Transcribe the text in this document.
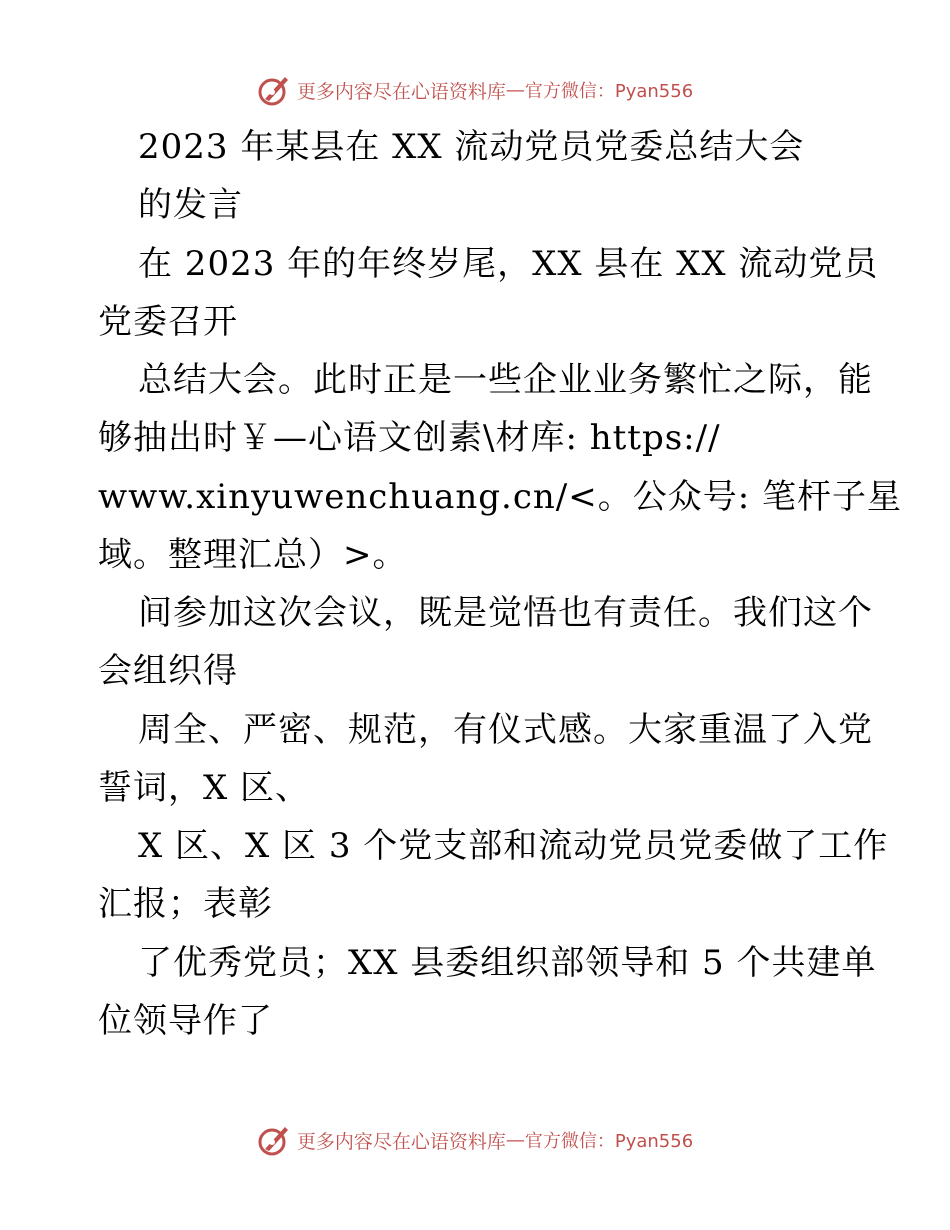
更多内容尽在心语资料库 — 官方微信：Pyan556
2023 年某县在 XX 流动党员党委总结大会
的发言
在 2023 年的年终岁尾，XX 县在 XX 流动党员
党委召开
总结大会。此时正是一些企业业务繁忙之际，能
够抽出时￥—心语文创素\材库: https://
www.xinyuwenchuang.cn/<。公众号: 笔杆子星
域。整理汇总）>。
间参加这次会议，既是觉悟也有责任。我们这个
会组织得
周全、严密、规范，有仪式感。大家重温了入党
誓词，X 区、
X 区、X 区 3 个党支部和流动党员党委做了工作
汇报；表彰
了优秀党员；XX 县委组织部领导和 5 个共建单
位领导作了
更多内容尽在心语资料库 — 官方微信：Pyan556
